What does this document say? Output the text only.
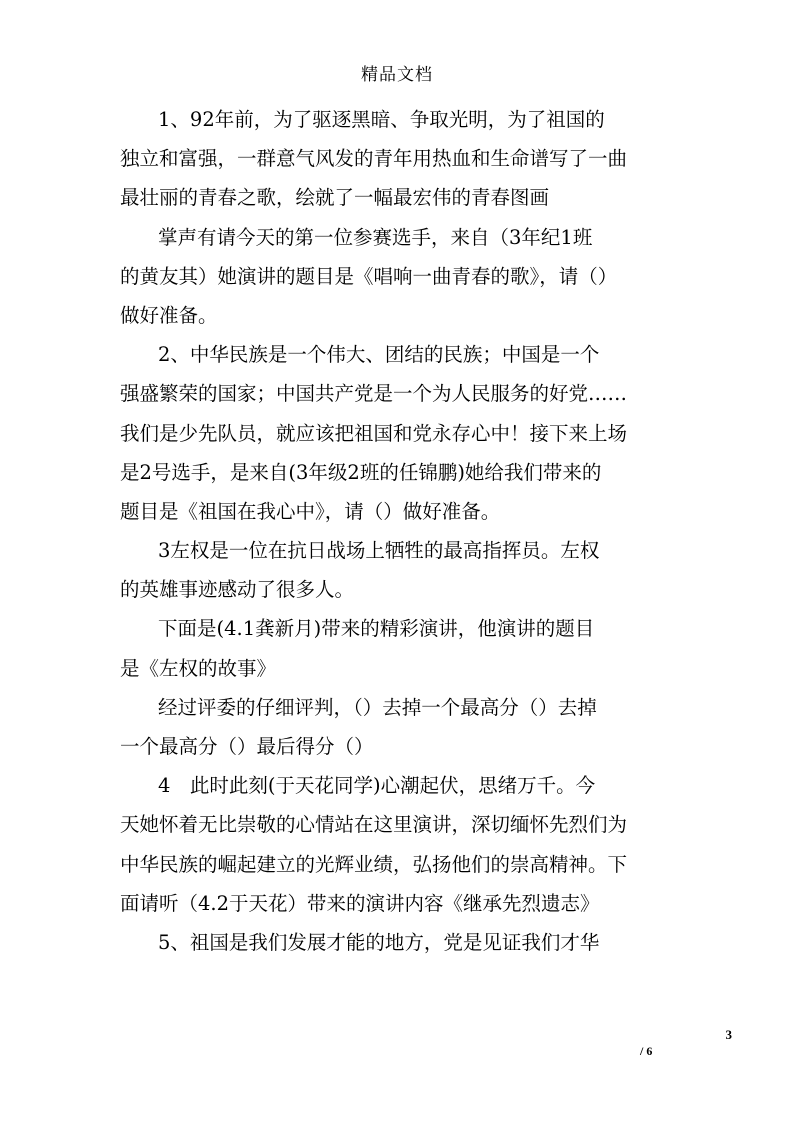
精品文档
1、92年前，为了驱逐黑暗、争取光明，为了祖国的
独立和富强，一群意气风发的青年用热血和生命谱写了一曲
最壮丽的青春之歌，绘就了一幅最宏伟的青春图画
掌声有请今天的第一位参赛选手，来自（3年纪1班
的黄友其）她演讲的题目是《唱响一曲青春的歌》，请（）
做好准备。
2、中华民族是一个伟大、团结的民族；中国是一个
强盛繁荣的国家；中国共产党是一个为人民服务的好党……
我们是少先队员，就应该把祖国和党永存心中！接下来上场
是2号选手，是来自(3年级2班的任锦鹏)她给我们带来的
题目是《祖国在我心中》，请（）做好准备。
3左权是一位在抗日战场上牺牲的最高指挥员。左权
的英雄事迹感动了很多人。
下面是(4.1龚新月)带来的精彩演讲，他演讲的题目
是《左权的故事》
经过评委的仔细评判，（）去掉一个最高分（）去掉
一个最高分（）最后得分（）
4　此时此刻(于天花同学)心潮起伏，思绪万千。今
天她怀着无比崇敬的心情站在这里演讲，深切缅怀先烈们为
中华民族的崛起建立的光辉业绩，弘扬他们的崇高精神。下
面请听（4.2于天花）带来的演讲内容《继承先烈遗志》
5、祖国是我们发展才能的地方，党是见证我们才华
3
/ 6
